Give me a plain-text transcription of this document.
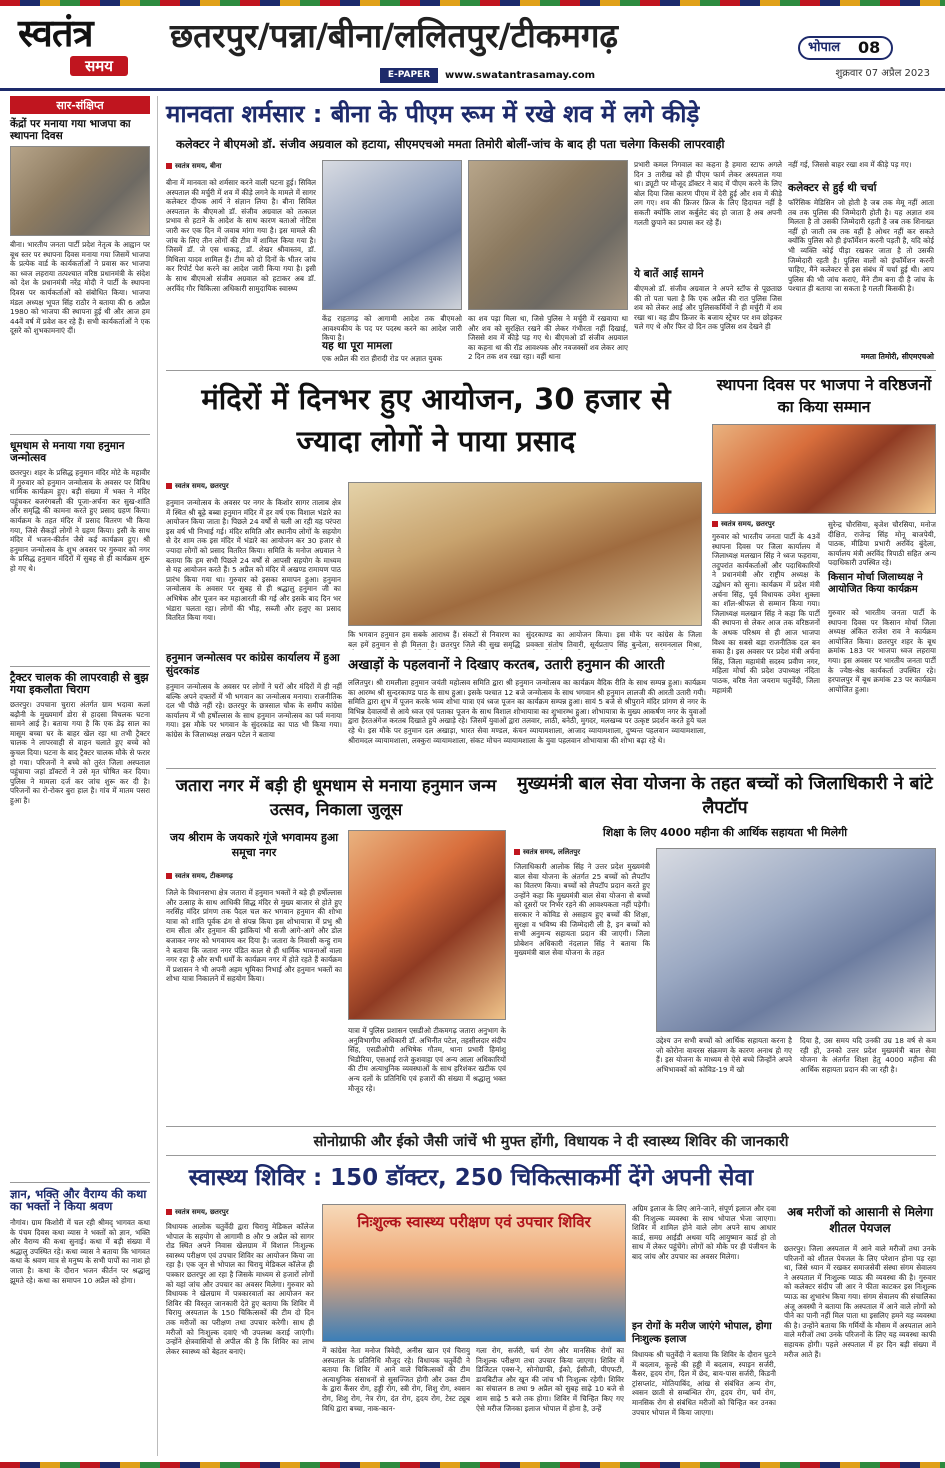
स्वतंत्र
समय
छतरपुर/पन्ना/बीना/ललितपुर/टीकमगढ़	भोपाल	08
E-PAPER	www.swatantrasamay.com	शुक्रवार 07 अप्रैल 2023
सार-संक्षिप्त
केंद्रों पर मनाया गया भाजपा का स्थापना दिवस
बीना। भारतीय जनता पार्टी प्रदेश नेतृत्व के आह्वान पर बूथ स्तर पर स्थापना दिवस मनाया गया जिसमें भाजपा के प्रत्येक वार्ड के कार्यकर्ताओं ने प्रवास कर भाजपा का ध्वज लहराया तत्पश्चात वरिष्ठ प्रधानमंत्री के संदेश को देश के प्रधानमंत्री नरेंद्र मोदी ने पार्टी के स्थापना दिवस पर कार्यकर्ताओं को संबोधित किया। भाजपा मंडल अध्यक्ष भूपत सिंह राठौर ने बताया की 6 अप्रैल 1980 को भाजपा की स्थापना हुई थी और आज हम 44वें वर्ष में प्रवेश कर रहे हैं। सभी कार्यकर्ताओं ने एक दूसरे को शुभकामनाएं दीं।
धूमधाम से मनाया गया हनुमान जन्मोत्सव
छतरपुर। शहर के प्रसिद्ध हनुमान मंदिर मोटे के महावीर में गुरुवार को हनुमान जन्मोत्सव के अवसर पर विविध धार्मिक कार्यक्रम हुए। बड़ी संख्या में भक्त ने मंदिर पहुंचकर बजरंगबली की पूजा-अर्चना कर सुख-शांति और समृद्धि की कामना करते हुए प्रसाद ग्रहण किया। कार्यक्रम के तहत मंदिर में प्रसाद वितरण भी किया गया, जिसे सैकड़ों लोगों ने ग्रहण किया। इसी के साथ मंदिर में भजन-कीर्तन जैसे कई कार्यक्रम हुए। श्री हनुमान जन्मोत्सव के शुभ अवसर पर गुरुवार को नगर के प्रसिद्ध हनुमान मंदिरों में सुबह से ही कार्यक्रम शुरू हो गए थे।
ट्रैक्टर चालक की लापरवाही से बुझ गया इकलौता चिराग
छतरपुर। उपचाना चुरारा अंतर्गत ग्राम भदावा कलां बढ़ौनी के मुख्यमार्ग डोरा से हादसा विचलक घटना सामने आई है। बताया गया है कि एक डेढ़ साल का मासूम बच्चा घर के बाहर खेल रहा था तभी ट्रैक्टर चालक ने लापरवाही से वाहन चलाते हुए बच्चे को कुचल दिया। घटना के बाद ट्रैक्टर चालक मौके से फरार हो गया। परिजनों ने बच्चे को तुरंत जिला अस्पताल पहुंचाया जहां डॉक्टरों ने उसे मृत घोषित कर दिया। पुलिस ने मामला दर्ज कर जांच शुरू कर दी है। परिजनों का रो-रोकर बुरा हाल है। गांव में मातम पसरा हुआ है।
ज्ञान, भक्ति और वैराग्य की कथा का भक्तों ने किया श्रवण
नौगांव। ग्राम किशोरी में चल रही श्रीमद् भागवत कथा के पंचम दिवस कथा व्यास ने भक्तों को ज्ञान, भक्ति और वैराग्य की कथा सुनाई। कथा में बड़ी संख्या में श्रद्धालु उपस्थित रहे। कथा व्यास ने बताया कि भागवत कथा के श्रवण मात्र से मनुष्य के सभी पापों का नाश हो जाता है। कथा के दौरान भजन कीर्तन पर श्रद्धालु झूमते रहे। कथा का समापन 10 अप्रैल को होगा।
मानवता शर्मसार : बीना के पीएम रूम में रखे शव में लगे कीड़े
कलेक्टर ने बीएमओ डॉ. संजीव अग्रवाल को हटाया, सीएमएचओ ममता तिमोरी बोलीं-जांच के बाद ही पता चलेगा किसकी लापरवाही
स्वतंत्र समय, बीना
बीना में मानवता को शर्मसार करने वाली घटना हुई। सिविल अस्पताल की मर्चुरी में शव में कीड़े लगने के मामले में सागर कलेक्टर दीपक आर्य ने संज्ञान लिया है। बीना सिविल अस्पताल के बीएमओ डॉ. संजीव अग्रवाल को तत्काल प्रभाव से हटाने के आदेश के साथ कारण बताओ नोटिस जारी कर एक दिन में जवाब मांगा गया है। इस मामले की जांच के लिए तीन लोगों की टीम में शामिल किया गया है। जिसमें डॉ. जे एस धाकड़, डॉ. शेखर श्रीवास्तव, डॉ. मिथिला यादव शामिल हैं। टीम को दो दिनों के भीतर जांच कर रिपोर्ट पेश करने का आदेश जारी किया गया है। इसी के साथ बीएमओ संजीव अग्रवाल को हटाकर अब डॉ. अरविंद गौर चिकित्सा अधिकारी सामुदायिक स्वास्थ्य
केंद्र राहतगढ़ को आगामी आदेश तक बीएमओ आवश्यकीय के पद पर पदस्थ करने का आदेश जारी किया है।
यह था पूरा मामला
एक अप्रैल की रात हीरादी रोड पर अज्ञात युवक
का शव पड़ा मिला था, जिसे पुलिस ने मर्चुरी में रखवाया था और शव को सुरक्षित रखने की लेकर गंभीरता नहीं दिखाई, जिससे शव में कीड़े पड़ गए थे। बीएमओ डॉ संजीव अग्रवाल का कहना था की रॉड आवश्यक और नवजक्सों शव लेकर आए 2 दिन तक शव रखा रहा। वहीं थाना
प्रभारी कमल निगवाल का कहना है हमारा स्टाफ अगले दिन 3 तारीख को ही पीएम फार्म लेकर अस्पताल गया था। ड्यूटी पर मौजूद डॉक्टर ने बाद में पीएम करने के लिए बोल दिया जिस कारण पीएम में देरी हुई और शव में कीड़े लग गए। शव की फ्रिजर फ्रिज के लिए हिदायत नहीं है सकती क्योंकि लाश कर्बुलेट बंद हो जाता है अब अपनी गलती छुपाने का प्रयास कर रहे हैं।
ये बातें आईं सामने
बीएमओ डॉ. संजीव अग्रवाल ने अपने स्टॉफ से पूछताछ की तो पता चला है कि एक अप्रैल की रात पुलिस जिस शव को लेकर आई और पुलिसकर्मियों ने ही मर्चुरी में शव रखा था। वह डीप फ्रिजर के बजाय स्ट्रेचर पर शव छोड़कर चले गए थे और फिर दो दिन तक पुलिस शव देखने ही
नहीं गई, जिससे बाहर रखा शव में कीड़े पड़ गए।
कलेक्टर से हुई थी चर्चा
फॉरेंसिक मेडिसिन जो होती है जब तक मेमू नहीं आता तब तक पुलिस की जिम्मेदारी होती है। यह अज्ञात शव मिलता है तो उसकी जिम्मेदारी रहती है जब तक शिनाख्त नहीं हो जाती तब तक वहीं है ओथर नहीं कर सकते क्योंकि पुलिस को ही इंफॉर्मेशन करनी पड़ती है, यदि कोई भी व्यक्ति कोई पीड़ा रखकर जाता है तो उसकी जिम्मेदारी रहती है। पुलिस वालों को इंफॉर्मेशन करनी चाहिए, मैंने कलेक्टर से इस संबंध में चर्चा हुई थी। आप पुलिस की भी जांच कराएं, मैंने टीम बना दी है जांच के पश्चात ही बताया जा सकता है गलती किसकी है।
ममता तिमोरी, सीएमएचओ
मंदिरों में दिनभर हुए आयोजन, 30 हजार से ज्यादा लोगों ने पाया प्रसाद
स्वतंत्र समय, छतरपुर
हनुमान जन्मोत्सव के अवसर पर नगर के किशोर सागर तालाब क्षेत्र में स्थित श्री बूढ़े बब्बा हनुमान मंदिर में हर वर्ष एक विशाल भंडारे का आयोजन किया जाता है। पिछले 24 वर्षों से चली आ रही यह परंपरा इस वर्ष भी निभाई गई। मंदिर समिति और स्थानीय लोगों के सहयोग से देर शाम तक इस मंदिर में भंडारे का आयोजन कर 30 हजार से ज्यादा लोगों को प्रसाद वितरित किया। समिति के मनोज अग्रवाल ने बताया कि हम सभी पिछले 24 वर्षों से आपसी सहयोग के माध्यम से यह आयोजन करते हैं। 5 अप्रैल को मंदिर में अखण्ड रामायण पाठ प्रारंभ किया गया था। गुरुवार को इसका समापन हुआ। हनुमान जन्मोत्सव के अवसर पर सुबह से ही श्रद्धालु हनुमान जी का अभिषेक और पूजन कर महाआरती की गई और इसके बाद दिन भर भंडारा चलता रहा। लोगों की भीड़, सब्जी और हलुए का प्रसाद वितरित किया गया।
कि भगवान हनुमान हम सबके आराध्य हैं। संकटों से निवारण का बल हमें हनुमान से ही मिलता है। छतरपुर जिले की सुख समृद्धि
सुंदरकाण्ड का आयोजन किया। इस मौके पर कांग्रेस के जिला प्रवक्ता संतोष तिवारी, सूर्यप्रताप सिंह बुन्देला, सरमनलाल मिश्रा,
हनुमान जन्मोत्सव पर कांग्रेस कार्यालय में हुआ सुंदरकांड
हनुमान जन्मोत्सव के अवसर पर लोगों ने घरों और मंदिरों में ही नहीं बल्कि अपने दफ्तरों में भी भगवान का जन्मोत्सव मनाया। राजनीतिक दल भी पीछे नहीं रहे। छतरपुर के छत्रसाल चौक के समीप कांग्रेस कार्यालय में भी हर्षोल्लास के साथ हनुमान जन्मोत्सव का पर्व मनाया गया। इस मौके पर भगवान के सुंदरकांड का पाठ भी किया गया। कांग्रेस के जिलाध्यक्ष लखन पटेल ने बताया
स्थापना दिवस पर भाजपा ने वरिष्ठजनों का किया सम्मान
स्वतंत्र समय, छतरपुर
गुरुवार को भारतीय जनता पार्टी के 43वें स्थापना दिवस पर जिला कार्यालय में जिलाध्यक्ष मलखान सिंह ने ध्वज फहराया, तदुपरांत कार्यकर्ताओं और पदाधिकारियों ने प्रधानमंत्री और राष्ट्रीय अध्यक्ष के उद्बोधन को सुना। कार्यक्रम में प्रदेश मंत्री अर्चना सिंह, पूर्व विधायक उमेश शुक्ला का शॉल-श्रीफल से सम्मान किया गया। जिलाध्यक्ष मलखान सिंह ने कहा कि पार्टी की स्थापना से लेकर आज तक वरिष्ठजनों के अथक परिश्रम से ही आज भाजपा विश्व का सबसे बड़ा राजनीतिक दल बन सका है। इस अवसर पर प्रदेश मंत्री अर्चना सिंह, जिला महामंत्री सदस्य प्रवीण नगर, महिला मोर्चा की प्रदेश उपाध्यक्ष नंदिता पाठक, वरिष्ठ नेता जयराम चतुर्वेदी, जिला महामंत्री
सुरेन्द्र चौरसिया, बृजेश चौरसिया, मनोज दीक्षित, राजेन्द्र सिंह मोनू बाजपेयी, पाठक, मीडिया प्रभारी अरविंद बुंदेला, कार्यालय मंत्री अरविंद त्रिपाठी सहित अन्य पदाधिकारी उपस्थित रहे।
किसान मोर्चा जिलाध्यक्ष ने आयोजित किया कार्यक्रम
गुरुवार को भारतीय जनता पार्टी के स्थापना दिवस पर किसान मोर्चा जिला अध्यक्ष अंकित राजेश राव ने कार्यक्रम आयोजित किया। छतरपुर शहर के बूथ क्रमांक 183 पर भाजपा ध्वज लहराया गया। इस अवसर पर भारतीय जनता पार्टी के ज्येष्ठ-श्रेष्ठ कार्यकर्ता उपस्थित रहे। हरपालपुर में बूथ क्रमांक 23 पर कार्यक्रम आयोजित हुआ।
अखाड़ों के पहलवानों ने दिखाए करतब, उतारी हनुमान की आरती
ललितपुर। श्री रामलीला हनुमान जयंती महोत्सव समिति द्वारा श्री हनुमान जन्मोत्सव का कार्यक्रम वैदिक रीति के साथ सम्पन्न हुआ। कार्यक्रम का आरम्भ श्री सुन्दरकाण्ड पाठ के साथ हुआ। इसके पश्चात 12 बजे जन्मोत्सव के साथ भगवान श्री हनुमान लालजी की आरती उतारी गयी। समिति द्वारा शुभ में पूजन करके भव्य शोभा यात्रा एवं ध्वज पूजन का कार्यक्रम सम्पन्न हुआ। सायं 5 बजे से श्रीपुराने मंदिर प्रांगण से नगर के विभिन्न देवालयों से आये ध्वज एवं पताका पूजन के साथ विशाल शोभायात्रा का शुभारम्भ हुआ। शोभायात्रा के मुख्य आकर्षण नगर के युवाओं द्वारा हैरतअंगेज करतब दिखाते हुये अखाड़े रहे। जिसमें युवाओं द्वारा तलवार, लाठी, बनेठी, मुगदर, मलखम्ब पर उत्कृष्ट प्रदर्शन करते हुये चल रहे थे। इस मौके पर हनुमान दल अखाड़ा, भारत सेवा मण्डल, कंचन व्यायामशाला, आजाद व्यायामशाला, दुष्यन्त पहलवान व्यायामशाला, श्रीरामदल व्यायामशाला, लक्कुरा व्यायामशाला, संकट मोचन व्यायामशाला के युवा पहलवान शोभायात्रा की शोभा बढ़ा रहे थे।
जतारा नगर में बड़ी ही धूमधाम से मनाया हनुमान जन्म उत्सव, निकाला जुलूस
जय श्रीराम के जयकारे गूंजे भगवामय हुआ समूचा नगर
स्वतंत्र समय, टीकमगढ़
जिले के विधानसभा क्षेत्र जतारा में हनुमान भक्तों ने बड़े ही हर्षोल्लास और उत्साह के साथ आधिकी सिद्ध मंदिर से मुख्य बाजार से होते हुए नरसिंह मंदिर प्रांगण तक पैदल चल कर भगवान हनुमान की शोभा यात्रा को शांति पूर्वक ढंग से संपन्न किया इस शोभायात्रा में प्रभु श्री राम सीता और हनुमान की झांकियां भी सजी आगे-आगे और डोल बजाकर नगर को भगवामय कर दिया है। जतारा के निवासी कन्हु राम ने बताया कि जतारा नगर पंडित काल से ही धार्मिक भावनाओं वाला नगर रहा है और सभी धर्मों के कार्यक्रम नगर में होते रहते हैं कार्यक्रम में प्रशासन ने भी अपनी अहम भूमिका निभाई और हनुमान भक्तों का शोभा यात्रा निकालने में सहयोग किया।
यात्रा में पुलिस प्रशासन एसडीओ टीकमगढ़ जतारा अनुभाग के अनुविभागीय अधिकारी डॉ. अभिनीत पटेल, तहसीलदार संदीप सिंह, एसडीओपी अभिषेक गौतम, थाना प्रभारी हिमांशु भिडौरिया, एसआई राजे कुशवाहा एवं अन्य आला अधिकारियों की टीम अत्याधुनिक व्यवस्थाओं के साथ हरिशंकर खटीक एवं अन्य दलों के प्रतिनिधि एवं हजारों की संख्या में श्रद्धालु भक्त मौजूद रहे।
मुख्यमंत्री बाल सेवा योजना के तहत बच्चों को जिलाधिकारी ने बांटे लैपटॉप
शिक्षा के लिए 4000 महीना की आर्थिक सहायता भी मिलेगी
स्वतंत्र समय, ललितपुर
जिलाधिकारी आलोक सिंह ने उत्तर प्रदेश मुख्यमंत्री बाल सेवा योजना के अंतर्गत 25 बच्चों को लैपटॉप का वितरण किया। बच्चों को लैपटॉप प्रदान करते हुए उन्होंने कहा कि मुख्यमंत्री बाल सेवा योजना से बच्चों को दूसरों पर निर्भर रहने की आवश्यकता नहीं पड़ेगी। सरकार ने कोविड से असहाय हुए बच्चों की शिक्षा, सुरक्षा व भविष्य की जिम्मेदारी ली है, इन बच्चों को सभी अनुमन्य सहायता प्रदान की जाएगी। जिला प्रोबेशन अधिकारी नंदलाल सिंह ने बताया कि मुख्यमंत्री बाल सेवा योजना के तहत
उद्देश्य उन सभी बच्चों को आर्थिक सहायता करना है जो कोरोना वायरस संक्रमण के कारण अनाथ हो गए हैं। इस योजना के माध्यम से ऐसे बच्चे जिन्होंने अपने अभिभावकों को कोविड-19 में खो
दिया है, उस समय यदि उनकी उम्र 18 वर्ष से कम रही हो, उनको उत्तर प्रदेश मुख्यमंत्री बाल सेवा योजना के अंतर्गत शिक्षा हेतु 4000 महीना की आर्थिक सहायता प्रदान की जा रही है।
सोनोग्राफी और ईको जैसी जांचें भी मुफ्त होंगी, विधायक ने दी स्वास्थ्य शिविर की जानकारी
स्वास्थ्य शिविर : 150 डॉक्टर, 250 चिकित्साकर्मी देंगे अपनी सेवा
स्वतंत्र समय, छतरपुर
विधायक आलोक चतुर्वेदी द्वारा चिरायु मेडिकल कॉलेज भोपाल के सहयोग से आगामी 8 और 9 अप्रैल को सागर रोड स्थित अपने निवास खेलग्राम में विशाल निःशुल्क स्वास्थ्य परीक्षण एवं उपचार शिविर का आयोजन किया जा रहा है। एक जून से भोपाल का चिरायु मेडिकल कॉलेज ही पत्रकार छतरपुर आ रहा है जिसके माध्यम से हजारों लोगों को यहां जांच और उपचार का अवसर मिलेगा। गुरुवार को विधायक ने खेलग्राम में पत्रकारवार्ता का आयोजन कर शिविर की विस्तृत जानकारी देते हुए बताया कि शिविर में चिरायु अस्पताल के 150 चिकित्सकों की टीम दो दिन तक मरीजों का परीक्षण तथा उपचार करेगी। साथ ही मरीजों को निःशुल्क दवाएं भी उपलब्ध कराई जाएंगी। उन्होंने क्षेत्रवासियों से अपील की है कि शिविर का लाभ लेकर स्वास्थ्य को बेहतर बनाएं।
निःशुल्क स्वास्थ्य परीक्षण एवं उपचार शिविर
में कांग्रेस नेता मनोज त्रिवेदी, अनीस खान एवं चिरायु अस्पताल के प्रतिनिधि मौजूद रहे। विधायक चतुर्वेदी ने बताया कि शिविर में आने वाले चिकित्सकों की टीम अत्याधुनिक संसाधनों से सुसज्जित होगी और उक्त टीम के द्वारा कैंसर रोग, हड्डी रोग, स्त्री रोग, शिशु रोग, श्वसन रोग, शिशु रोग, नेत्र रोग, दंत रोग, हृदय रोग, टेस्ट ट्यूब विधि द्वारा बच्चा, नाक-कान-
गला रोग, सर्जरी, चर्म रोग और मानसिक रोगों का निःशुल्क परीक्षण तथा उपचार किया जाएगा। शिविर में डिजिटल एक्स-रे, सोनोग्राफी, ईको, ईसीजी, पीएफटी, डायबिटीज और खून की जांच भी निःशुल्क रहेगी। शिविर का संचालन 8 तथा 9 अप्रैल को सुबह साढ़े 10 बजे से शाम साढ़े 5 बजे तक होगा। शिविर में चिन्हित किए गए ऐसे मरीज जिनका इलाज भोपाल में होना है, उन्हें
अग्रिम इलाज के लिए आने-जाने, संपूर्ण इलाज और दवा की निःशुल्क व्यवस्था के साथ भोपाल भेजा जाएगा। शिविर में शामिल होने वाले लोग अपने साथ आधार कार्ड, समग्र आईडी अथवा यदि आयुष्मान कार्ड हो तो साथ में लेकर पहुंचेंगे। लोगों को मौके पर ही पंजीयन के बाद जांच और उपचार का अवसर मिलेगा।
इन रोगों के मरीज जाएंगे भोपाल, होगा निःशुल्क इलाज
विधायक श्री चतुर्वेदी ने बताया कि शिविर के दौरान घुटने में बदलाव, कूल्हे की हड्डी में बदलाव, स्पाइन सर्जरी, कैंसर, हृदय रोग, दिल में छेद, बाय-पास सर्जरी, किडनी ट्रांसप्लांट, मोतियाबिंद, आंख से संबंधित अन्य रोग, श्वसन छाती से सम्बन्धित रोग, हृदय रोग, चर्म रोग, मानसिक रोग से संबंधित मरीजों को चिन्हित कर उनका उपचार भोपाल में किया जाएगा।
अब मरीजों को आसानी से मिलेगा शीतल पेयजल
छतरपुर। जिला अस्पताल में आने वाले मरीजों तथा उनके परिजनों को शीतल पेयजल के लिए परेशान होना पड़ रहा था, जिसे ध्यान में रखकर समाजसेवी संस्था संगम सेवालय ने अस्पताल में निःशुल्क प्याऊ की व्यवस्था की है। गुरुवार को कलेक्टर संदीप जी आर ने फीता काटकर इस निःशुल्क प्याऊ का शुभारंभ किया गया। संगम सेवालय की संचालिका अंजू अवस्थी ने बताया कि अस्पताल में आने वाले लोगों को पीने का पानी नहीं मिल पाता था इसलिए हमने यह व्यवस्था की है। उन्होंने बताया कि गर्मियों के मौसम में अस्पताल आने वाले मरीजों तथा उनके परिजनों के लिए यह व्यवस्था काफी सहायक होगी। पहले अस्पताल में हर दिन बड़ी संख्या में मरीज आते हैं।
